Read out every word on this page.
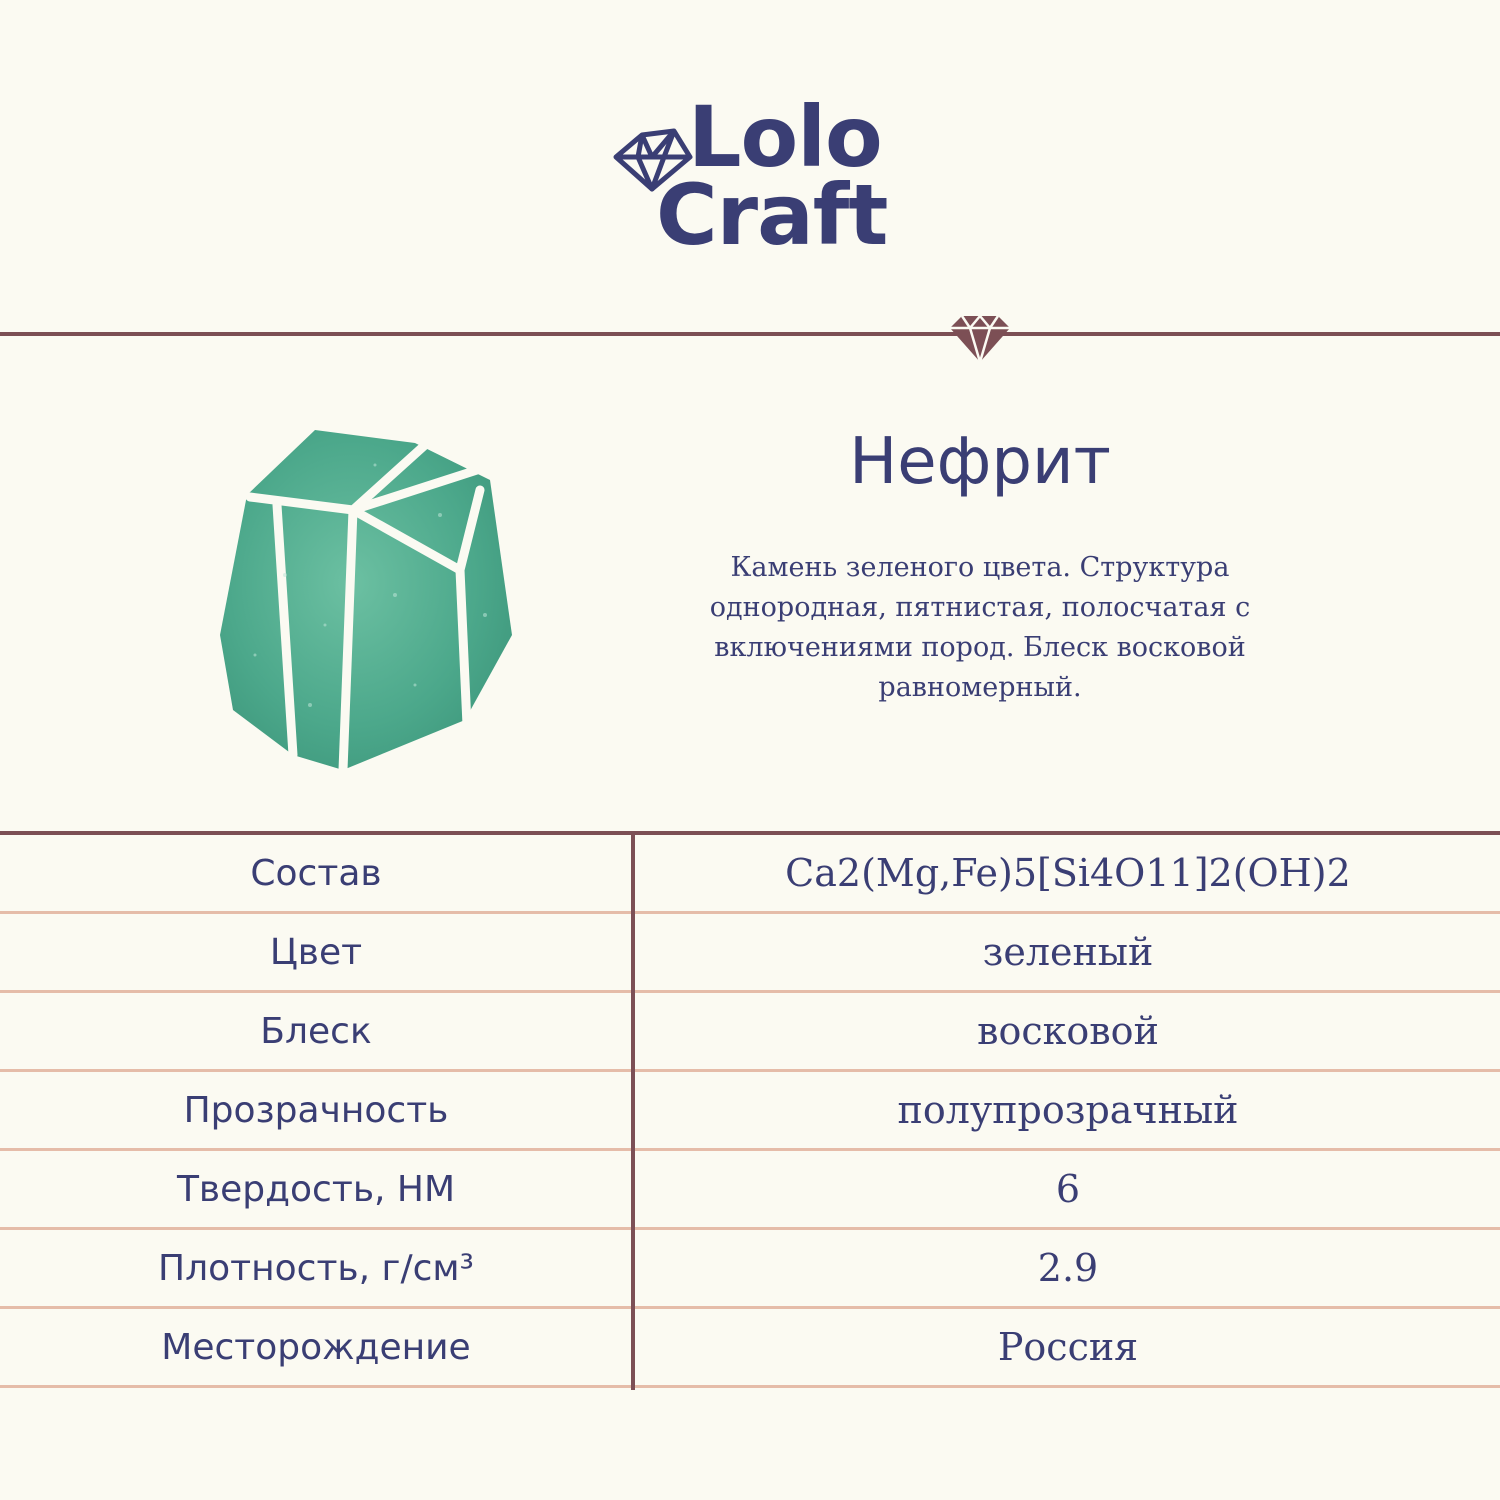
Lolo
Craft
Нефрит
Камень зеленого цвета. Структура однородная, пятнистая, полосчатая с включениями пород. Блеск восковой равномерный.
Состав	Ca2(Mg,Fe)5[Si4O11]2(OH)2
Цвет	зеленый
Блеск	восковой
Прозрачность	полупрозрачный
Твердость, НМ	6
Плотность, г/см³	2.9
Месторождение	Россия
